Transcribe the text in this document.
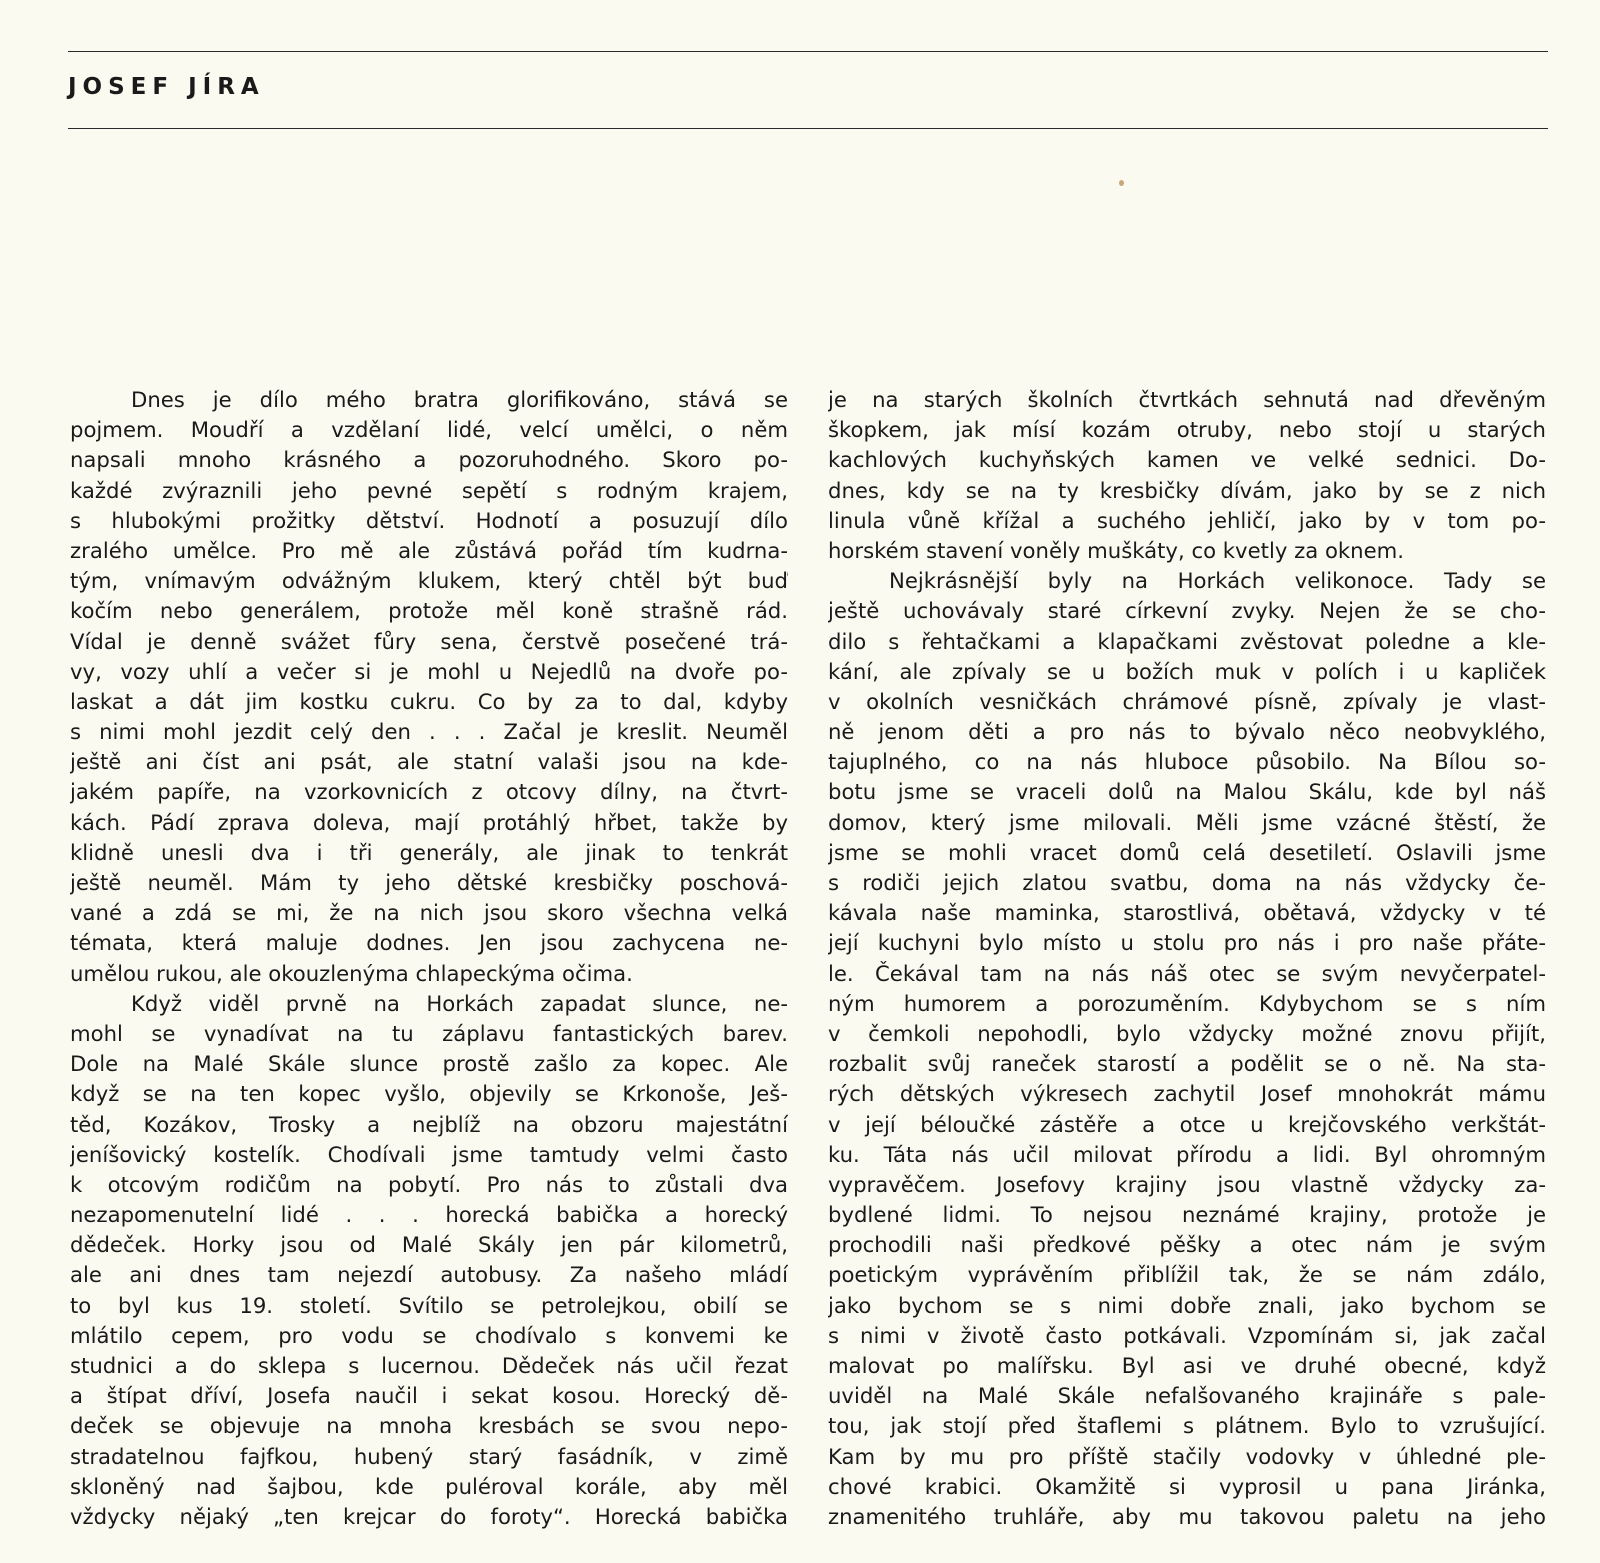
JOSEF JÍRA
Dnes je dílo mého bratra glorifikováno, stává se
pojmem. Moudří a vzdělaní lidé, velcí umělci, o něm
napsali mnoho krásného a pozoruhodného. Skoro po-
každé zvýraznili jeho pevné sepětí s rodným krajem,
s hlubokými prožitky dětství. Hodnotí a posuzují dílo
zralého umělce. Pro mě ale zůstává pořád tím kudrna-
tým, vnímavým odvážným klukem, který chtěl být buď
kočím nebo generálem, protože měl koně strašně rád.
Vídal je denně svážet fůry sena, čerstvě posečené trá-
vy, vozy uhlí a večer si je mohl u Nejedlů na dvoře po-
laskat a dát jim kostku cukru. Co by za to dal, kdyby
s nimi mohl jezdit celý den . . . Začal je kreslit. Neuměl
ještě ani číst ani psát, ale statní valaši jsou na kde-
jakém papíře, na vzorkovnicích z otcovy dílny, na čtvrt-
kách. Pádí zprava doleva, mají protáhlý hřbet, takže by
klidně unesli dva i tři generály, ale jinak to tenkrát
ještě neuměl. Mám ty jeho dětské kresbičky poschová-
vané a zdá se mi, že na nich jsou skoro všechna velká
témata, která maluje dodnes. Jen jsou zachycena ne-
umělou rukou, ale okouzlenýma chlapeckýma očima.
Když viděl prvně na Horkách zapadat slunce, ne-
mohl se vynadívat na tu záplavu fantastických barev.
Dole na Malé Skále slunce prostě zašlo za kopec. Ale
když se na ten kopec vyšlo, objevily se Krkonoše, Ješ-
těd, Kozákov, Trosky a nejblíž na obzoru majestátní
jeníšovický kostelík. Chodívali jsme tamtudy velmi často
k otcovým rodičům na pobytí. Pro nás to zůstali dva
nezapomenutelní lidé . . . horecká babička a horecký
dědeček. Horky jsou od Malé Skály jen pár kilometrů,
ale ani dnes tam nejezdí autobusy. Za našeho mládí
to byl kus 19. století. Svítilo se petrolejkou, obilí se
mlátilo cepem, pro vodu se chodívalo s konvemi ke
studnici a do sklepa s lucernou. Dědeček nás učil řezat
a štípat dříví, Josefa naučil i sekat kosou. Horecký dě-
deček se objevuje na mnoha kresbách se svou nepo-
stradatelnou fajfkou, hubený starý fasádník, v zimě
skloněný nad šajbou, kde puléroval korále, aby měl
vždycky nějaký „ten krejcar do foroty“. Horecká babička
je na starých školních čtvrtkách sehnutá nad dřevěným
škopkem, jak mísí kozám otruby, nebo stojí u starých
kachlových kuchyňských kamen ve velké sednici. Do-
dnes, kdy se na ty kresbičky dívám, jako by se z nich
linula vůně křížal a suchého jehličí, jako by v tom po-
horském stavení voněly muškáty, co kvetly za oknem.
Nejkrásnější byly na Horkách velikonoce. Tady se
ještě uchovávaly staré církevní zvyky. Nejen že se cho-
dilo s řehtačkami a klapačkami zvěstovat poledne a kle-
kání, ale zpívaly se u božích muk v polích i u kapliček
v okolních vesničkách chrámové písně, zpívaly je vlast-
ně jenom děti a pro nás to bývalo něco neobvyklého,
tajuplného, co na nás hluboce působilo. Na Bílou so-
botu jsme se vraceli dolů na Malou Skálu, kde byl náš
domov, který jsme milovali. Měli jsme vzácné štěstí, že
jsme se mohli vracet domů celá desetiletí. Oslavili jsme
s rodiči jejich zlatou svatbu, doma na nás vždycky če-
kávala naše maminka, starostlivá, obětavá, vždycky v té
její kuchyni bylo místo u stolu pro nás i pro naše přáte-
le. Čekával tam na nás náš otec se svým nevyčerpatel-
ným humorem a porozuměním. Kdybychom se s ním
v čemkoli nepohodli, bylo vždycky možné znovu přijít,
rozbalit svůj raneček starostí a podělit se o ně. Na sta-
rých dětských výkresech zachytil Josef mnohokrát mámu
v její béloučké zástěře a otce u krejčovského verkštát-
ku. Táta nás učil milovat přírodu a lidi. Byl ohromným
vypravěčem. Josefovy krajiny jsou vlastně vždycky za-
bydlené lidmi. To nejsou neznámé krajiny, protože je
prochodili naši předkové pěšky a otec nám je svým
poetickým vyprávěním přiblížil tak, že se nám zdálo,
jako bychom se s nimi dobře znali, jako bychom se
s nimi v životě často potkávali. Vzpomínám si, jak začal
malovat po malířsku. Byl asi ve druhé obecné, když
uviděl na Malé Skále nefalšovaného krajináře s pale-
tou, jak stojí před štaflemi s plátnem. Bylo to vzrušující.
Kam by mu pro příště stačily vodovky v úhledné ple-
chové krabici. Okamžitě si vyprosil u pana Jiránka,
znamenitého truhláře, aby mu takovou paletu na jeho
